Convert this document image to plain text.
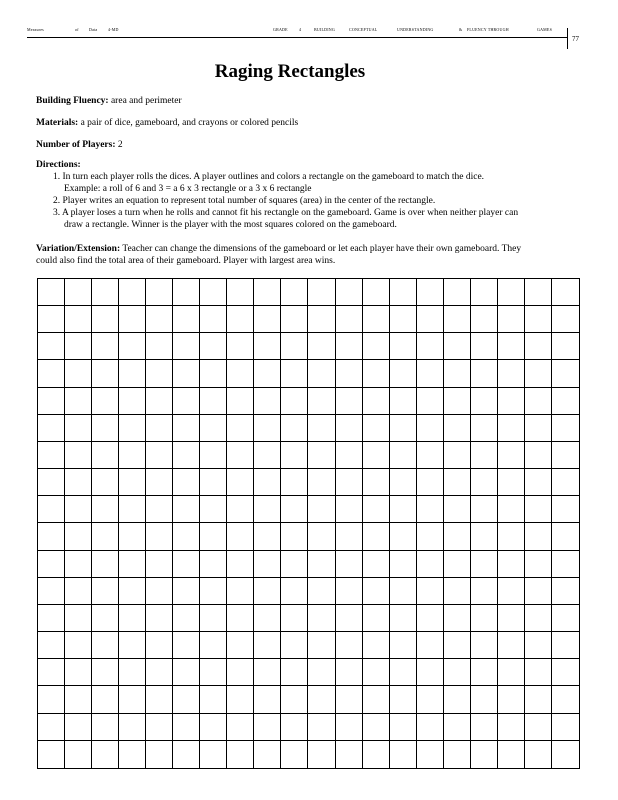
Measures	of	Data	4-MD	GRADE	4	BUILDING	CONCEPTUAL	UNDERSTANDING	& FLUENCY THROUGH	GAMES
77
Raging Rectangles
Building Fluency: area and perimeter
Materials: a pair of dice, gameboard, and crayons or colored pencils
Number of Players: 2
Directions:
1. In turn each player rolls the dices. A player outlines and colors a rectangle on the gameboard to match the dice.
Example: a roll of 6 and 3 = a 6 x 3 rectangle or a 3 x 6 rectangle
2. Player writes an equation to represent total number of squares (area) in the center of the rectangle.
3. A player loses a turn when he rolls and cannot fit his rectangle on the gameboard. Game is over when neither player can
draw a rectangle. Winner is the player with the most squares colored on the gameboard.
Variation/Extension: Teacher can change the dimensions of the gameboard or let each player have their own gameboard. They
could also find the total area of their gameboard. Player with largest area wins.
